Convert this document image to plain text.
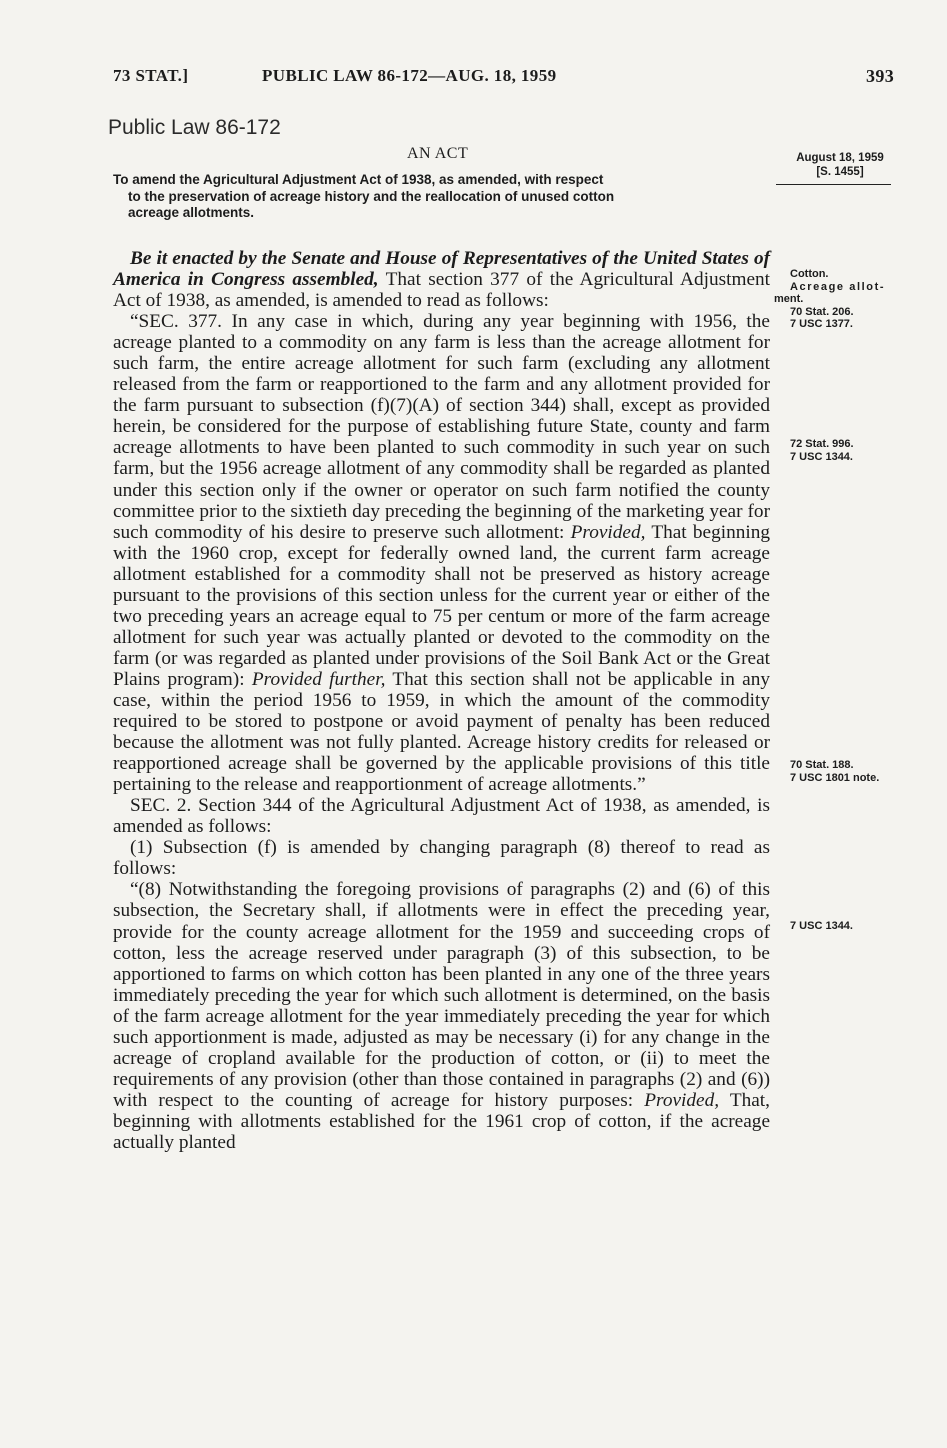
73 STAT.]	PUBLIC LAW 86-172—AUG. 18, 1959	393
Public Law 86-172
AN ACT
To amend the Agricultural Adjustment Act of 1938, as amended, with respect
to the preservation of acreage history and the reallocation of unused cotton
acreage allotments.
August 18, 1959
[S. 1455]
Cotton.
Acreage allot-
ment.
70 Stat. 206.
7 USC 1377.
72 Stat. 996.
7 USC 1344.
70 Stat. 188.
7 USC 1801 note.
7 USC 1344.

Be it enacted by the Senate and House of Representatives of the United States of America in Congress assembled, That section 377 of the Agricultural Adjustment Act of 1938, as amended, is amended to read as follows:

“SEC. 377. In any case in which, during any year beginning with 1956, the acreage planted to a commodity on any farm is less than the acreage allotment for such farm, the entire acreage allotment for such farm (excluding any allotment released from the farm or reapportioned to the farm and any allotment provided for the farm pursuant to subsection (f)(7)(A) of section 344) shall, except as provided herein, be considered for the purpose of establishing future State, county and farm acreage allotments to have been planted to such commodity in such year on such farm, but the 1956 acreage allotment of any commodity shall be regarded as planted under this section only if the owner or operator on such farm notified the county committee prior to the sixtieth day preceding the beginning of the marketing year for such commodity of his desire to preserve such allotment: Provided, That beginning with the 1960 crop, except for federally owned land, the current farm acreage allotment established for a commodity shall not be preserved as history acreage pursuant to the provisions of this section unless for the current year or either of the two preceding years an acreage equal to 75 per centum or more of the farm acreage allotment for such year was actually planted or devoted to the commodity on the farm (or was regarded as planted under provisions of the Soil Bank Act or the Great Plains program): Provided further, That this section shall not be applicable in any case, within the period 1956 to 1959, in which the amount of the commodity required to be stored to postpone or avoid payment of penalty has been reduced because the allotment was not fully planted. Acreage history credits for released or reapportioned acreage shall be governed by the applicable provisions of this title pertaining to the release and reapportionment of acreage allotments.”

SEC. 2. Section 344 of the Agricultural Adjustment Act of 1938, as amended, is amended as follows:

(1) Subsection (f) is amended by changing paragraph (8) thereof to read as follows:

“(8) Notwithstanding the foregoing provisions of paragraphs (2) and (6) of this subsection, the Secretary shall, if allotments were in effect the preceding year, provide for the county acreage allotment for the 1959 and succeeding crops of cotton, less the acreage reserved under paragraph (3) of this subsection, to be apportioned to farms on which cotton has been planted in any one of the three years immediately preceding the year for which such allotment is determined, on the basis of the farm acreage allotment for the year immediately preceding the year for which such apportionment is made, adjusted as may be necessary (i) for any change in the acreage of cropland available for the production of cotton, or (ii) to meet the requirements of any provision (other than those contained in paragraphs (2) and (6)) with respect to the counting of acreage for history purposes: Provided, That, beginning with allotments established for the 1961 crop of cotton, if the acreage actually planted
